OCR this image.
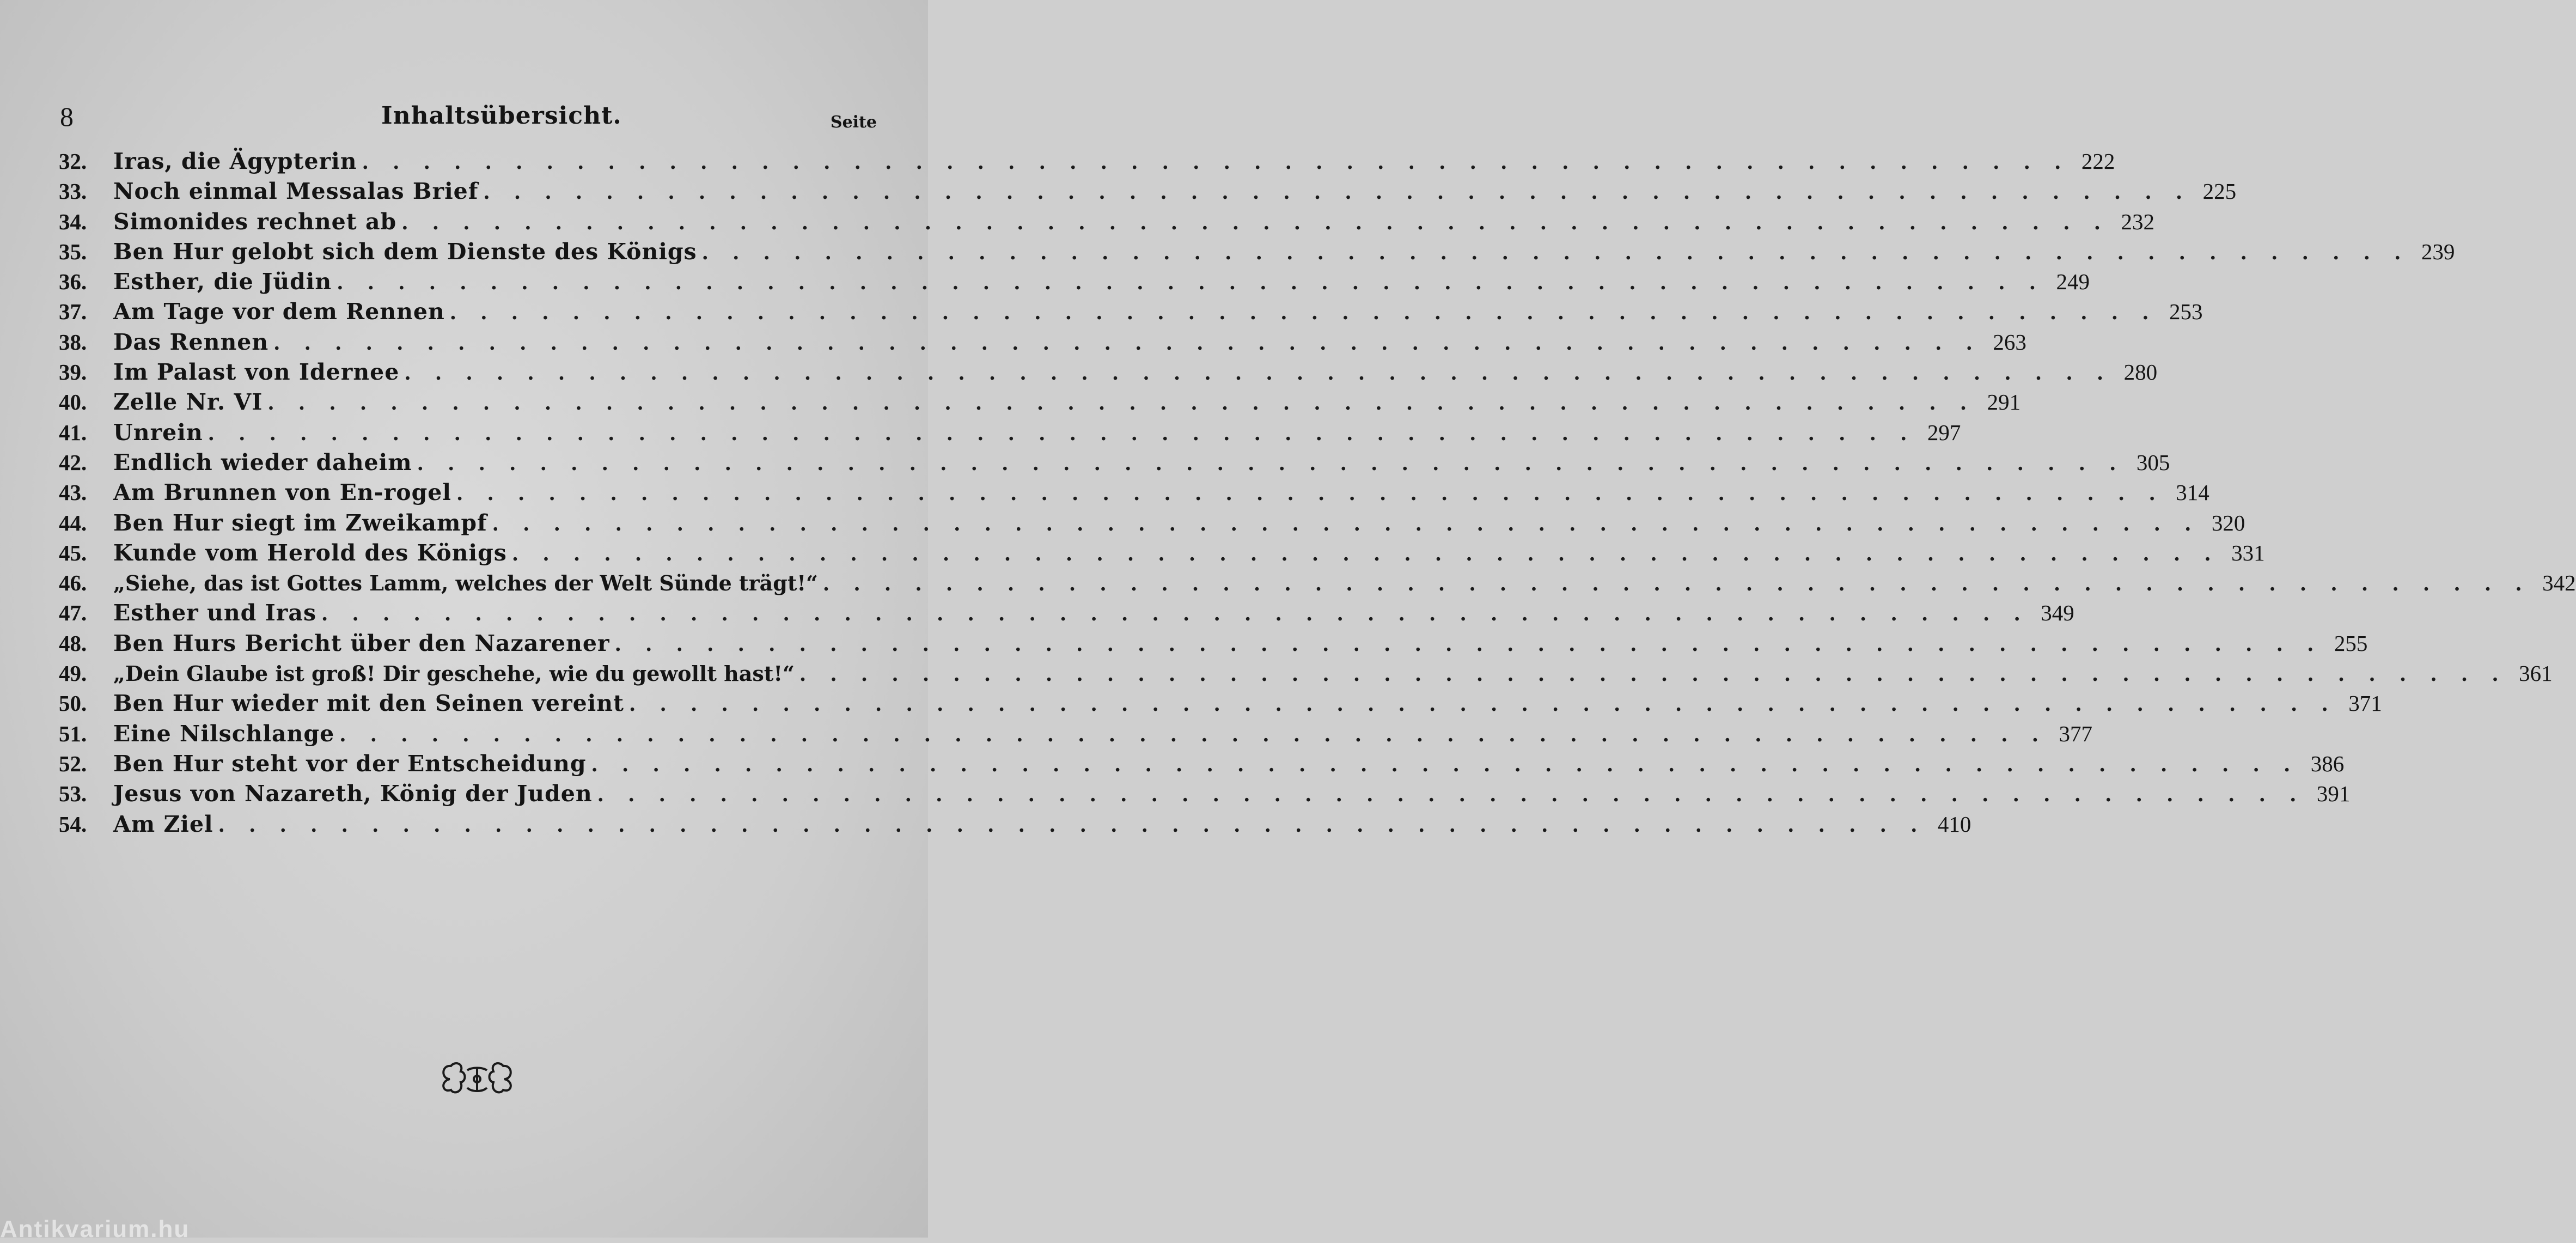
8	Inhaltsübersicht.	Seite
32.	Iras, die Ägypterin . . .	222
33.	Noch einmal Messalas Brief . . .	225
34.	Simonides rechnet ab . . .	232
35.	Ben Hur gelobt sich dem Dienste des Königs . . .	239
36.	Esther, die Jüdin . . .	249
37.	Am Tage vor dem Rennen . . .	253
38.	Das Rennen . . .	263
39.	Im Palast von Idernee . . .	280
40.	Zelle Nr. VI . . .	291
41.	Unrein . . .	297
42.	Endlich wieder daheim . . .	305
43.	Am Brunnen von En-rogel . . .	314
44.	Ben Hur siegt im Zweikampf . . .	320
45.	Kunde vom Herold des Königs . . .	331
46.	„Siehe, das ist Gottes Lamm, welches der Welt Sünde trägt!“ . . .	342
47.	Esther und Iras . . .	349
48.	Ben Hurs Bericht über den Nazarener . . .	255
49.	„Dein Glaube ist groß! Dir geschehe, wie du gewollt hast!“ . . .	361
50.	Ben Hur wieder mit den Seinen vereint . . .	371
51.	Eine Nilschlange . . .	377
52.	Ben Hur steht vor der Entscheidung . . .	386
53.	Jesus von Nazareth, König der Juden . . .	391
54.	Am Ziel . . .	410
Antikvarium.hu
